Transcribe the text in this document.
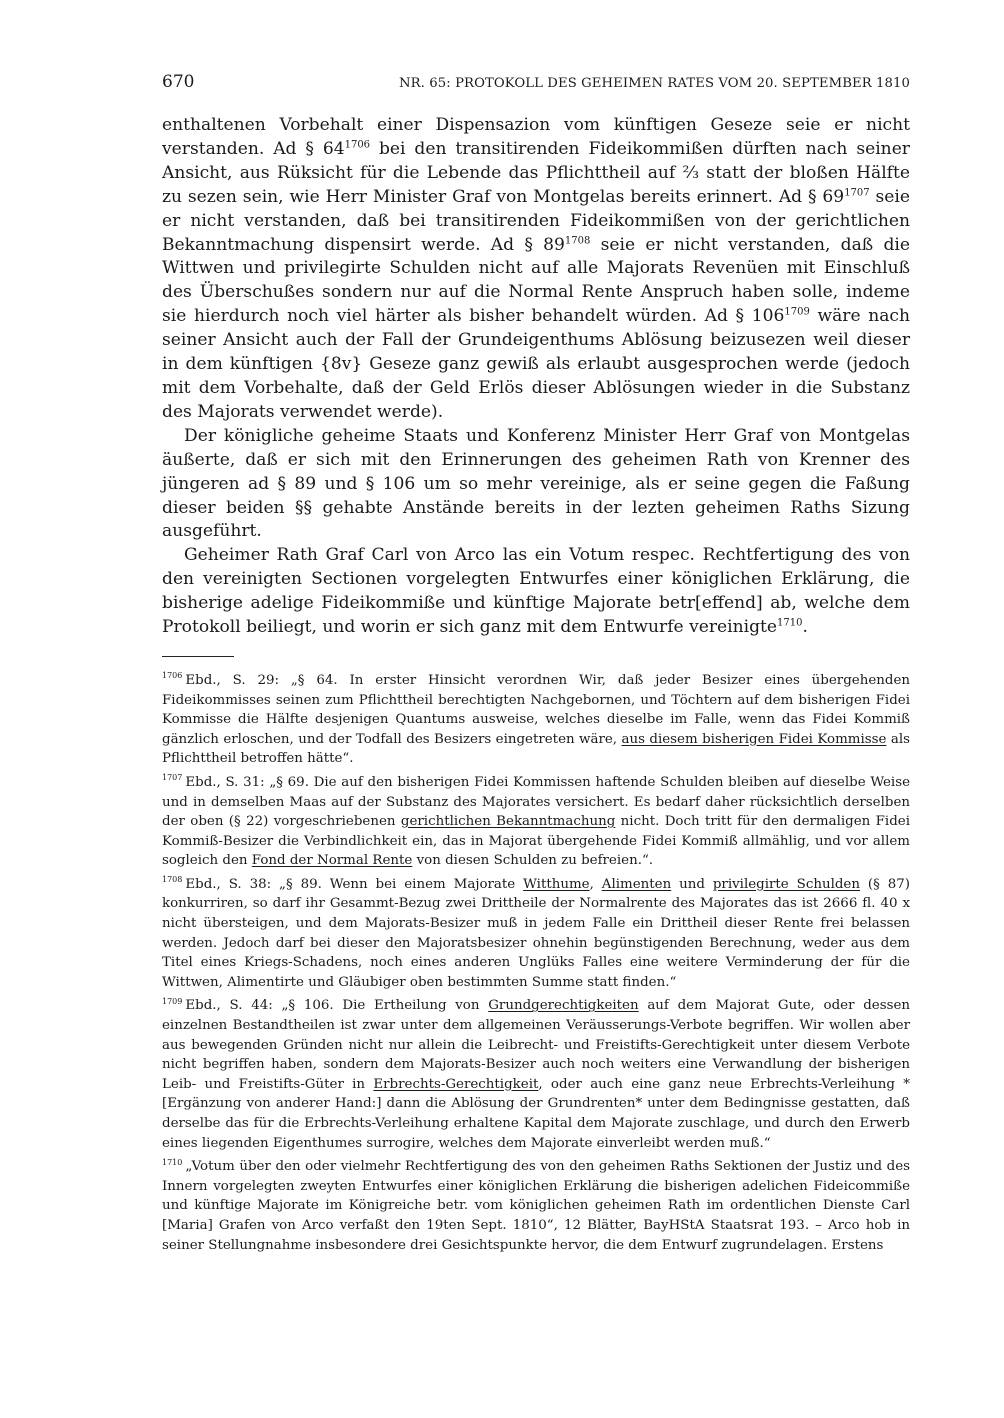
670	NR. 65: PROTOKOLL DES GEHEIMEN RATES VOM 20. SEPTEMBER 1810

enthaltenen Vorbehalt einer Dispensazion vom künftigen Geseze seie er nicht verstanden. Ad § $64^{1706}$ bei den transitirenden Fideikommißen dürften nach seiner Ansicht, aus Rüksicht für die Lebende das Pflichttheil auf ⅔ statt der bloßen Hälfte zu sezen sein, wie Herr Minister Graf von Montgelas bereits erinnert. Ad § $69^{1707}$ seie er nicht verstanden, daß bei transitirenden Fideikommißen von der gerichtlichen Bekanntmachung dispensirt werde. Ad § $89^{1708}$ seie er nicht verstanden, daß die Wittwen und privilegirte Schulden nicht auf alle Majorats Revenüen mit Einschluß des Überschußes sondern nur auf die Normal Rente Anspruch haben solle, indeme sie hierdurch noch viel härter als bisher behandelt würden. Ad § $106^{1709}$ wäre nach seiner Ansicht auch der Fall der Grundeigenthums Ablösung beizusezen weil dieser in dem künftigen {8v} Geseze ganz gewiß als erlaubt ausgesprochen werde (jedoch mit dem Vorbehalte, daß der Geld Erlös dieser Ablösungen wieder in die Substanz des Majorats verwendet werde).

Der königliche geheime Staats und Konferenz Minister Herr Graf von Montgelas äußerte, daß er sich mit den Erinnerungen des geheimen Rath von Krenner des jüngeren ad § 89 und § 106 um so mehr vereinige, als er seine gegen die Faßung dieser beiden §§ gehabte Anstände bereits in der lezten geheimen Raths Sizung ausgeführt.

Geheimer Rath Graf Carl von Arco las ein Votum respec. Rechtfertigung des von den vereinigten Sectionen vorgelegten Entwurfes einer königlichen Erklärung, die bisherige adelige Fideikommiße und künftige Majorate betr[effend] ab, welche dem Protokoll beiliegt, und worin er sich ganz mit dem Entwurfe vereinigte$^{1710}$.

$^{1706}$ Ebd., S. 29: „§ 64. In erster Hinsicht verordnen Wir, daß jeder Besizer eines übergehenden Fideikommisses seinen zum Pflichttheil berechtigten Nachgebornen, und Töchtern auf dem bisherigen Fidei Kommisse die Hälfte desjenigen Quantums ausweise, welches dieselbe im Falle, wenn das Fidei Kommiß gänzlich erloschen, und der Todfall des Besizers eingetreten wäre, aus diesem bisherigen Fidei Kommisse als Pflichttheil betroffen hätte“.

$^{1707}$ Ebd., S. 31: „§ 69. Die auf den bisherigen Fidei Kommissen haftende Schulden bleiben auf dieselbe Weise und in demselben Maas auf der Substanz des Majorates versichert. Es bedarf daher rücksichtlich derselben der oben (§ 22) vorgeschriebenen gerichtlichen Bekanntmachung nicht. Doch tritt für den dermaligen Fidei Kommiß-Besizer die Verbindlichkeit ein, das in Majorat übergehende Fidei Kommiß allmählig, und vor allem sogleich den Fond der Normal Rente von diesen Schulden zu befreien.“.

$^{1708}$ Ebd., S. 38: „§ 89. Wenn bei einem Majorate Witthume, Alimenten und privilegirte Schulden (§ 87) konkurriren, so darf ihr Gesammt-Bezug zwei Drittheile der Normalrente des Majorates das ist 2666 fl. 40 x nicht übersteigen, und dem Majorats-Besizer muß in jedem Falle ein Drittheil dieser Rente frei belassen werden. Jedoch darf bei dieser den Majoratsbesizer ohnehin begünstigenden Berechnung, weder aus dem Titel eines Kriegs-Schadens, noch eines anderen Unglüks Falles eine weitere Verminderung der für die Wittwen, Alimentirte und Gläubiger oben bestimmten Summe statt finden.“

$^{1709}$ Ebd., S. 44: „§ 106. Die Ertheilung von Grundgerechtigkeiten auf dem Majorat Gute, oder dessen einzelnen Bestandtheilen ist zwar unter dem allgemeinen Veräusserungs-Verbote begriffen. Wir wollen aber aus bewegenden Gründen nicht nur allein die Leibrecht- und Freistifts-Gerechtigkeit unter diesem Verbote nicht begriffen haben, sondern dem Majorats-Besizer auch noch weiters eine Verwandlung der bisherigen Leib- und Freistifts-Güter in Erbrechts-Gerechtigkeit, oder auch eine ganz neue Erbrechts-Verleihung *[Ergänzung von anderer Hand:] dann die Ablösung der Grundrenten* unter dem Bedingnisse gestatten, daß derselbe das für die Erbrechts-Verleihung erhaltene Kapital dem Majorate zuschlage, und durch den Erwerb eines liegenden Eigenthumes surrogire, welches dem Majorate einverleibt werden muß.“

$^{1710}$ „Votum über den oder vielmehr Rechtfertigung des von den geheimen Raths Sektionen der Justiz und des Innern vorgelegten zweyten Entwurfes einer königlichen Erklärung die bisherigen adelichen Fideicommiße und künftige Majorate im Königreiche betr. vom königlichen geheimen Rath im ordentlichen Dienste Carl [Maria] Grafen von Arco verfaßt den 19ten Sept. 1810“, 12 Blätter, BayHStA Staatsrat 193. – Arco hob in seiner Stellungnahme insbesondere drei Gesichtspunkte hervor, die dem Entwurf zugrundelagen. Erstens
